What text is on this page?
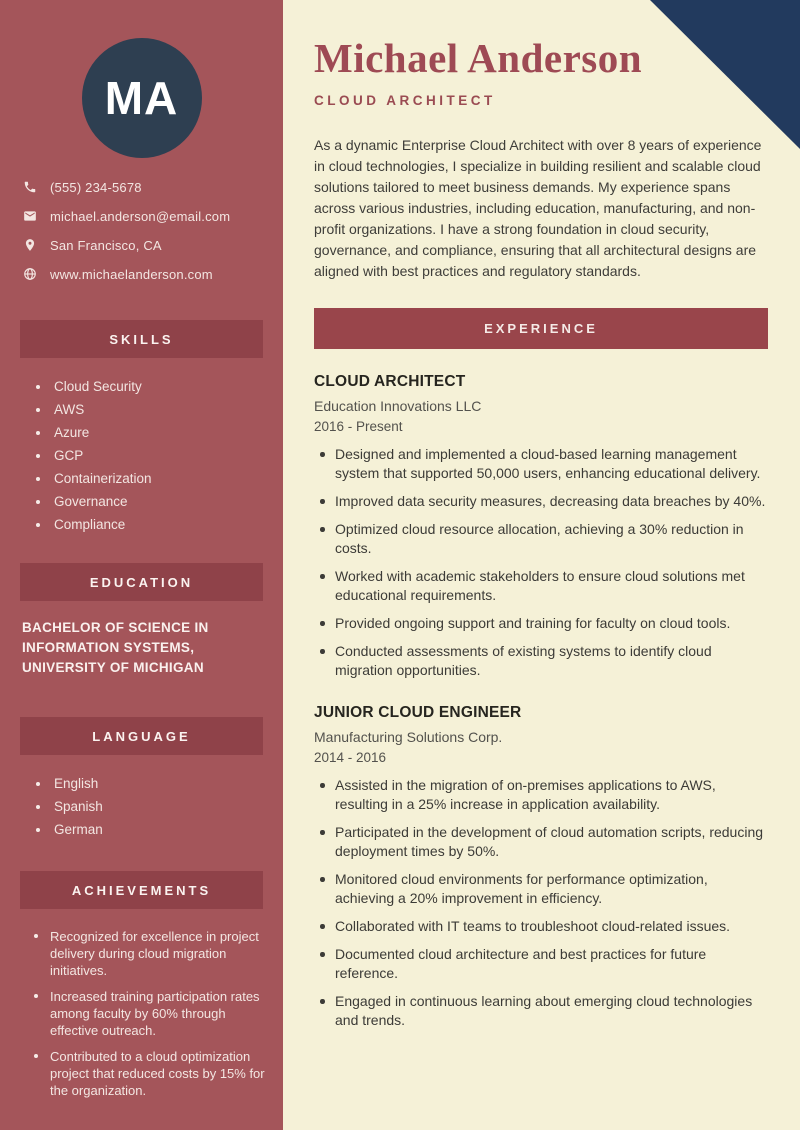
MA
(555) 234-5678
michael.anderson@email.com
San Francisco, CA
www.michaelanderson.com
SKILLS
Cloud Security
AWS
Azure
GCP
Containerization
Governance
Compliance
EDUCATION
BACHELOR OF SCIENCE IN INFORMATION SYSTEMS, UNIVERSITY OF MICHIGAN
LANGUAGE
English
Spanish
German
ACHIEVEMENTS
Recognized for excellence in project delivery during cloud migration initiatives.
Increased training participation rates among faculty by 60% through effective outreach.
Contributed to a cloud optimization project that reduced costs by 15% for the organization.
Michael Anderson
CLOUD ARCHITECT

As a dynamic Enterprise Cloud Architect with over 8 years of experience in cloud technologies, I specialize in building resilient and scalable cloud solutions tailored to meet business demands. My experience spans across various industries, including education, manufacturing, and non-profit organizations. I have a strong foundation in cloud security, governance, and compliance, ensuring that all architectural designs are aligned with best practices and regulatory standards.

EXPERIENCE
CLOUD ARCHITECT
Education Innovations LLC
2016 - Present
Designed and implemented a cloud-based learning management system that supported 50,000 users, enhancing educational delivery.
Improved data security measures, decreasing data breaches by 40%.
Optimized cloud resource allocation, achieving a 30% reduction in costs.
Worked with academic stakeholders to ensure cloud solutions met educational requirements.
Provided ongoing support and training for faculty on cloud tools.
Conducted assessments of existing systems to identify cloud migration opportunities.
JUNIOR CLOUD ENGINEER
Manufacturing Solutions Corp.
2014 - 2016
Assisted in the migration of on-premises applications to AWS, resulting in a 25% increase in application availability.
Participated in the development of cloud automation scripts, reducing deployment times by 50%.
Monitored cloud environments for performance optimization, achieving a 20% improvement in efficiency.
Collaborated with IT teams to troubleshoot cloud-related issues.
Documented cloud architecture and best practices for future reference.
Engaged in continuous learning about emerging cloud technologies and trends.
